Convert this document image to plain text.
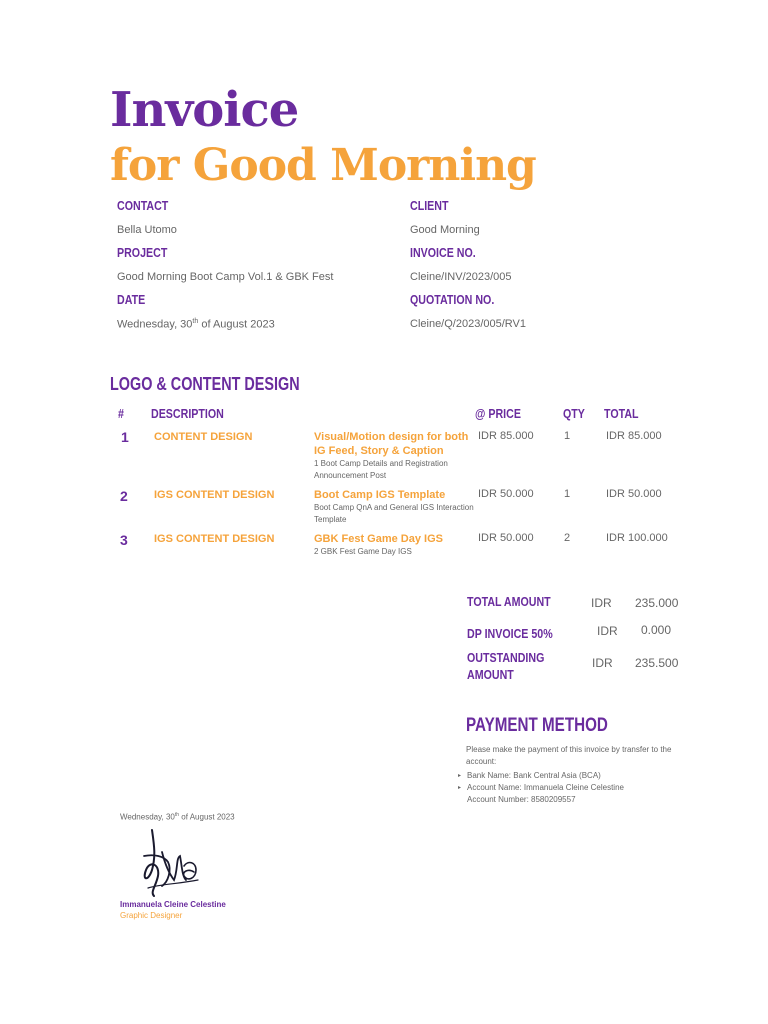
Invoice
for Good Morning
CONTACT
Bella Utomo
CLIENT
Good Morning
PROJECT
Good Morning Boot Camp Vol.1 & GBK Fest
INVOICE NO.
Cleine/INV/2023/005
DATE
Wednesday, 30th of August 2023
QUOTATION NO.
Cleine/Q/2023/005/RV1
LOGO & CONTENT DESIGN
# DESCRIPTION	@ PRICE	QTY TOTAL
1 CONTENT DESIGN	Visual/Motion design for both IG Feed, Story & Caption
1 Boot Camp Details and Registration Announcement Post
IDR 85.000	1	IDR 85.000
2 IGS CONTENT DESIGN	Boot Camp IGS Template
Boot Camp QnA and General IGS Interaction Template
IDR 50.000	1	IDR 50.000
3 IGS CONTENT DESIGN	GBK Fest Game Day IGS
2 GBK Fest Game Day IGS
IDR 50.000	2	IDR 100.000
TOTAL AMOUNT	IDR 235.000
DP INVOICE 50%	IDR 0.000
OUTSTANDING AMOUNT
IDR 235.500
PAYMENT METHOD
Please make the payment of this invoice by transfer to the account:
▸ Bank Name: Bank Central Asia (BCA)
▸ Account Name: Immanuela Cleine Celestine
Account Number: 8580209557
Wednesday, 30th of August 2023
Immanuela Cleine Celestine
Graphic Designer
